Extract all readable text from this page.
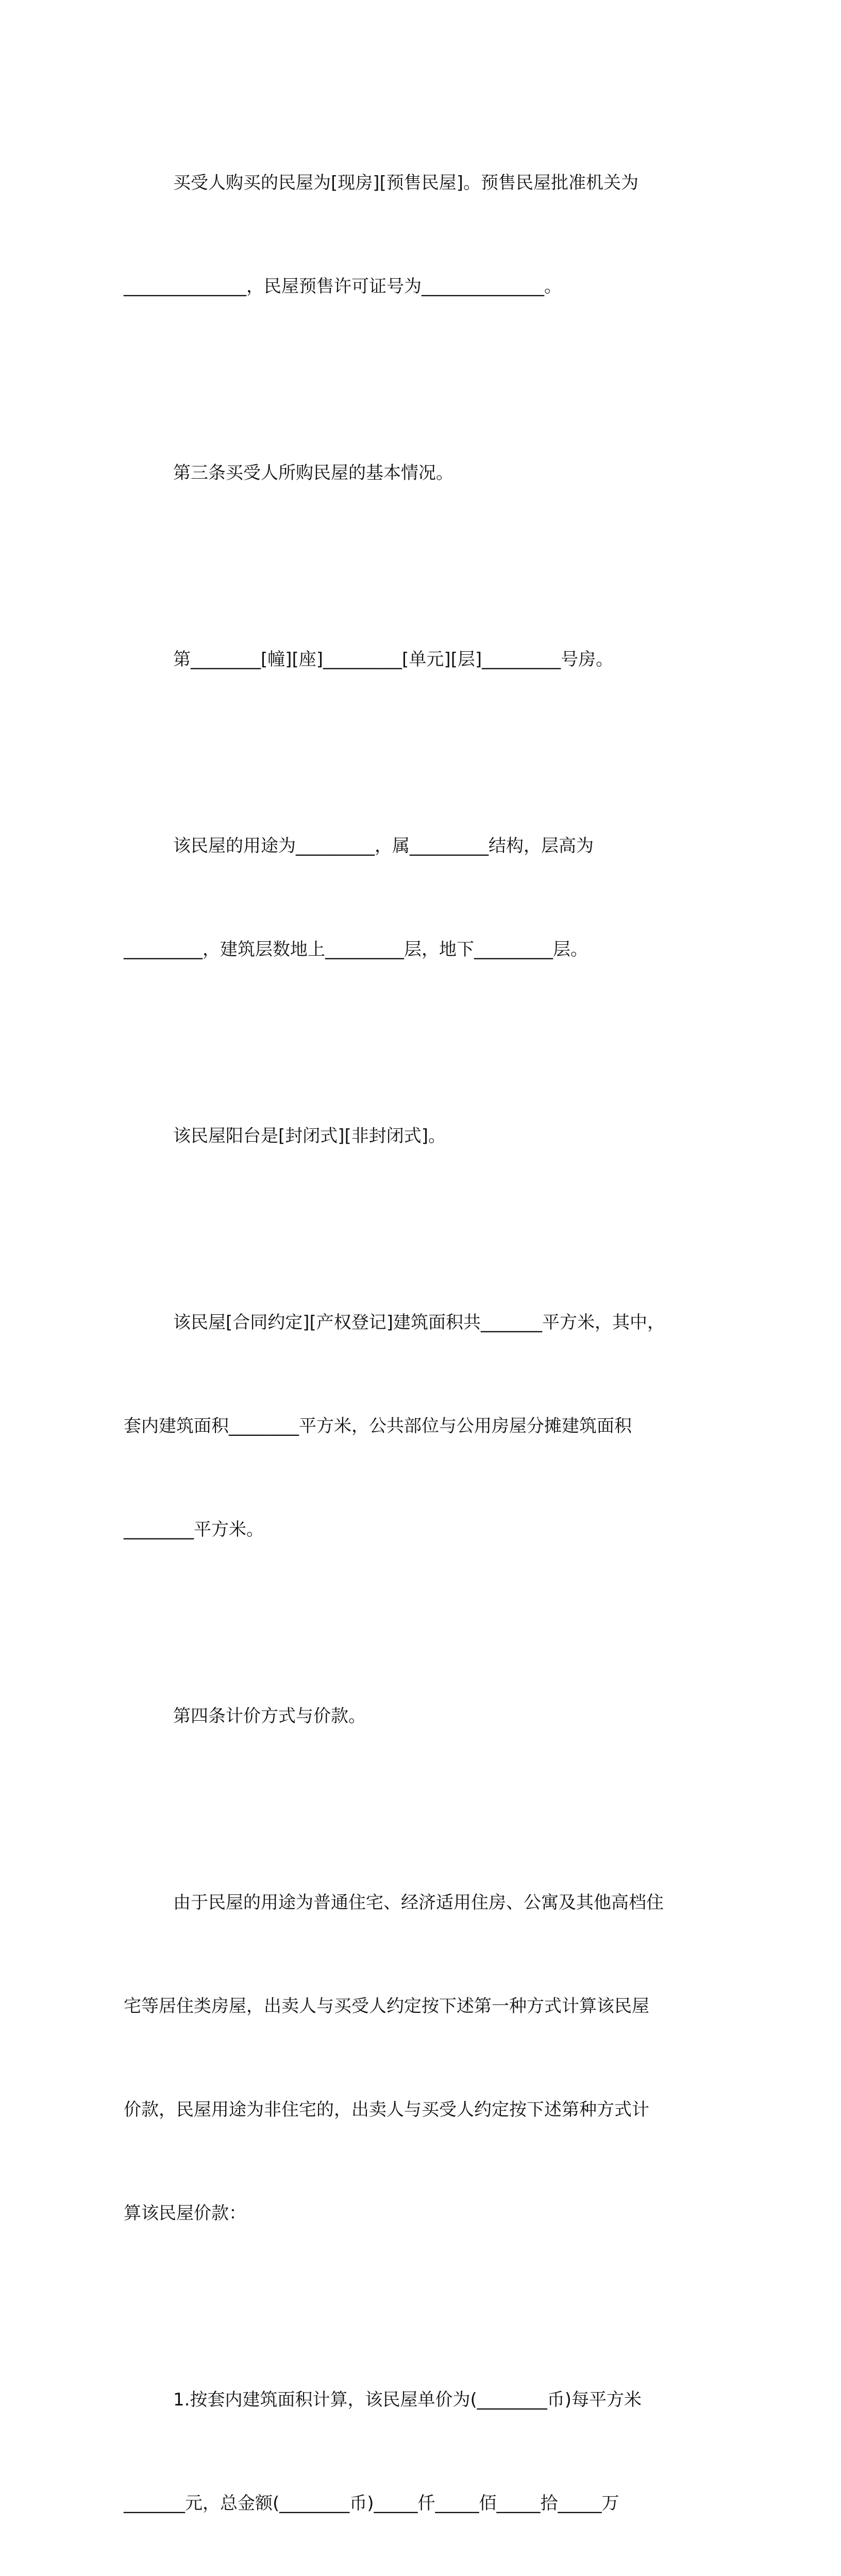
买受人购买的民屋为[现房][预售民屋]。预售民屋批准机关为

______________，民屋预售许可证号为______________。

第三条买受人所购民屋的基本情况。

第________[幢][座]_________[单元][层]_________号房。

该民屋的用途为_________，属_________结构，层高为

_________，建筑层数地上_________层，地下_________层。

该民屋阳台是[封闭式][非封闭式]。

该民屋[合同约定][产权登记]建筑面积共_______平方米，其中，

套内建筑面积________平方米，公共部位与公用房屋分摊建筑面积

________平方米。

第四条计价方式与价款。

由于民屋的用途为普通住宅、经济适用住房、公寓及其他高档住

宅等居住类房屋，出卖人与买受人约定按下述第一种方式计算该民屋

价款，民屋用途为非住宅的，出卖人与买受人约定按下述第种方式计

算该民屋价款：

1.按套内建筑面积计算，该民屋单价为(________币)每平方米

_______元，总金额(________币)_____仟_____佰_____拾_____万
